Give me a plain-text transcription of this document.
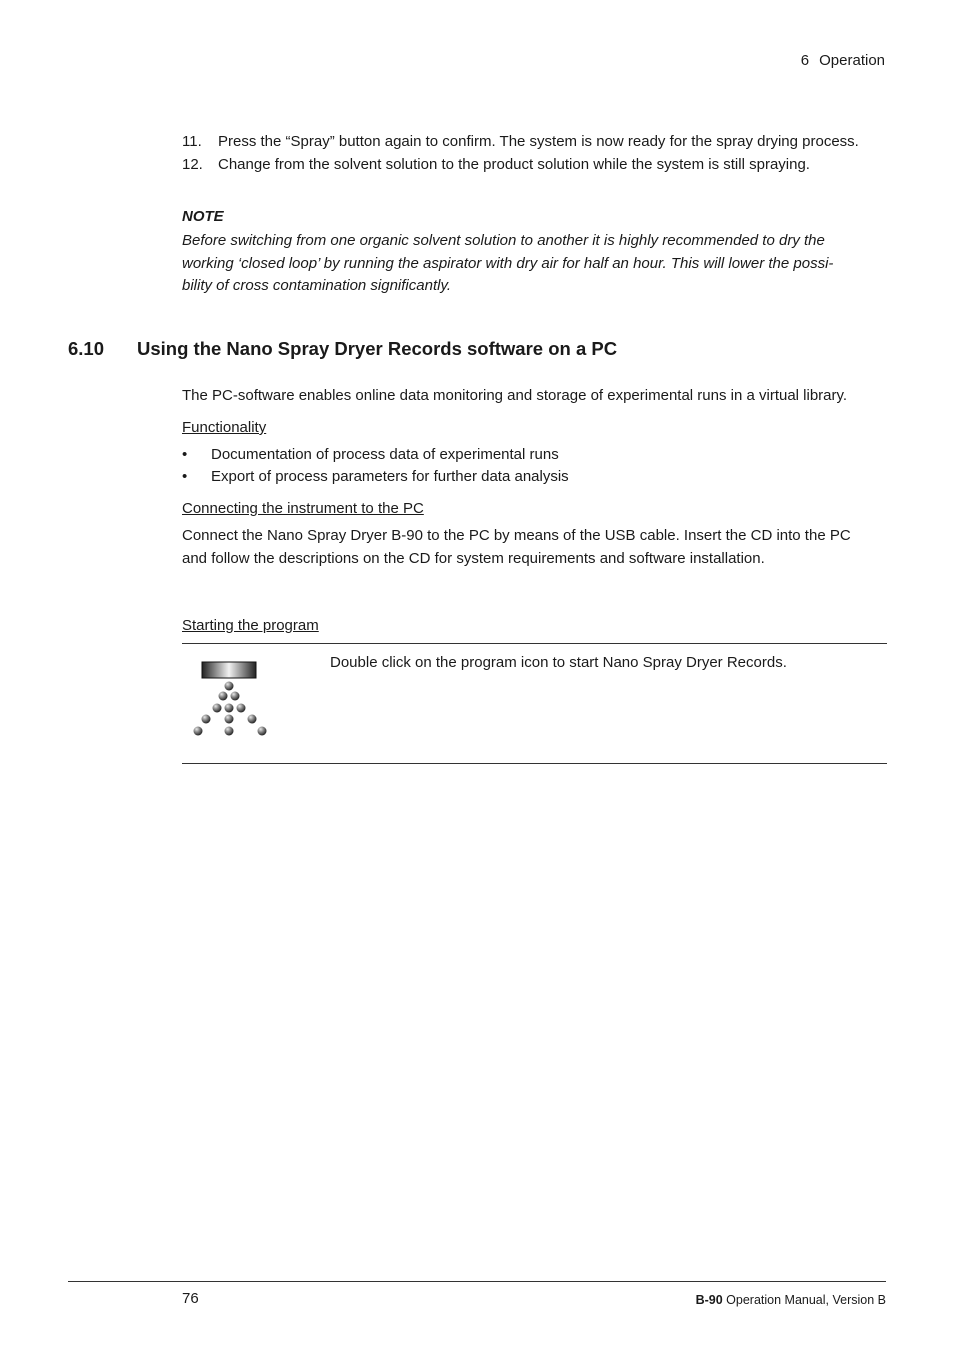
6 Operation
11. Press the “Spray” button again to confirm. The system is now ready for the spray drying process.
12. Change from the solvent solution to the product solution while the system is still spraying.
NOTE
Before switching from one organic solvent solution to another it is highly recommended to dry the
working ‘closed loop’ by running the aspirator with dry air for half an hour. This will lower the possi-
bility of cross contamination significantly.
6.10 Using the Nano Spray Dryer Records software on a PC
The PC-software enables online data monitoring and storage of experimental runs in a virtual library.
Functionality
• Documentation of process data of experimental runs
• Export of process parameters for further data analysis
Connecting the instrument to the PC
Connect the Nano Spray Dryer B-90 to the PC by means of the USB cable. Insert the CD into the PC
and follow the descriptions on the CD for system requirements and software installation.
Starting the program
Double click on the program icon to start Nano Spray Dryer Records.
76	B-90 Operation Manual, Version B
